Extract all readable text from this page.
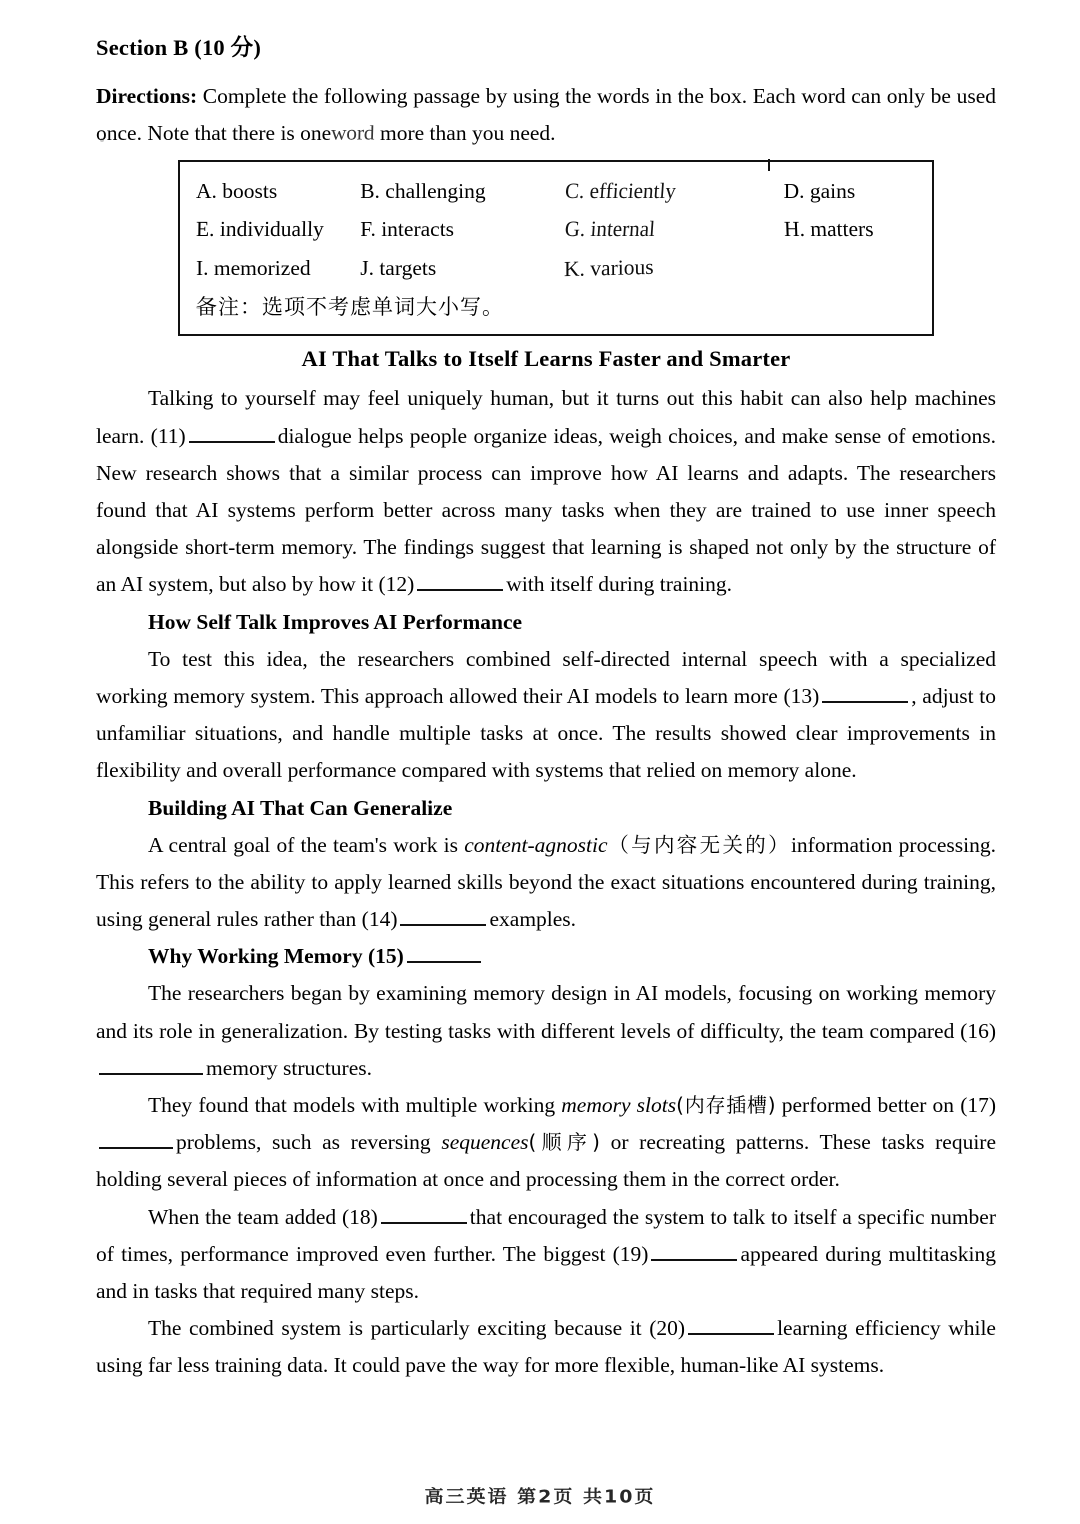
Section B (10 分)
Directions: Complete the following passage by using the words in the box. Each word can only be used once. Note that there is oneword more than you need.
A. boosts	B. challenging	C. efficiently	D. gains
E. individually	F. interacts	G. internal	H. matters
I. memorized	J. targets	K. various
备注：选项不考虑单词大小写。
AI That Talks to Itself Learns Faster and Smarter

Talking to yourself may feel uniquely human, but it turns out this habit can also help machines learn. (11)	dialogue helps people organize ideas, weigh choices, and make sense of emotions. New research shows that a similar process can improve how AI learns and adapts. The researchers found that AI systems perform better across many tasks when they are trained to use inner speech alongside short-term memory. The findings suggest that learning is shaped not only by the structure of an AI system, but also by how it (12)	with itself during training.

How Self Talk Improves AI Performance

To test this idea, the researchers combined self-directed internal speech with a specialized working memory system. This approach allowed their AI models to learn more (13)	, adjust to unfamiliar situations, and handle multiple tasks at once. The results showed clear improvements in flexibility and overall performance compared with systems that relied on memory alone.

Building AI That Can Generalize

A central goal of the team's work is content-agnostic（与内容无关的）information processing. This refers to the ability to apply learned skills beyond the exact situations encountered during training, using general rules rather than (14)	examples.

Why Working Memory (15)

The researchers began by examining memory design in AI models, focusing on working memory and its role in generalization. By testing tasks with different levels of difficulty, the team compared (16)memory structures.

They found that models with multiple working memory slots(内存插槽) performed better on (17)problems, such as reversing sequences(顺序) or recreating patterns. These tasks require holding several pieces of information at once and processing them in the correct order.

When the team added (18)	that encouraged the system to talk to itself a specific number of times, performance improved even further. The biggest (19)	appeared during multitasking and in tasks that required many steps.

The combined system is particularly exciting because it (20)	learning efficiency while using far less training data. It could pave the way for more flexible, human-like AI systems.

高三英语 第2页 共10页
